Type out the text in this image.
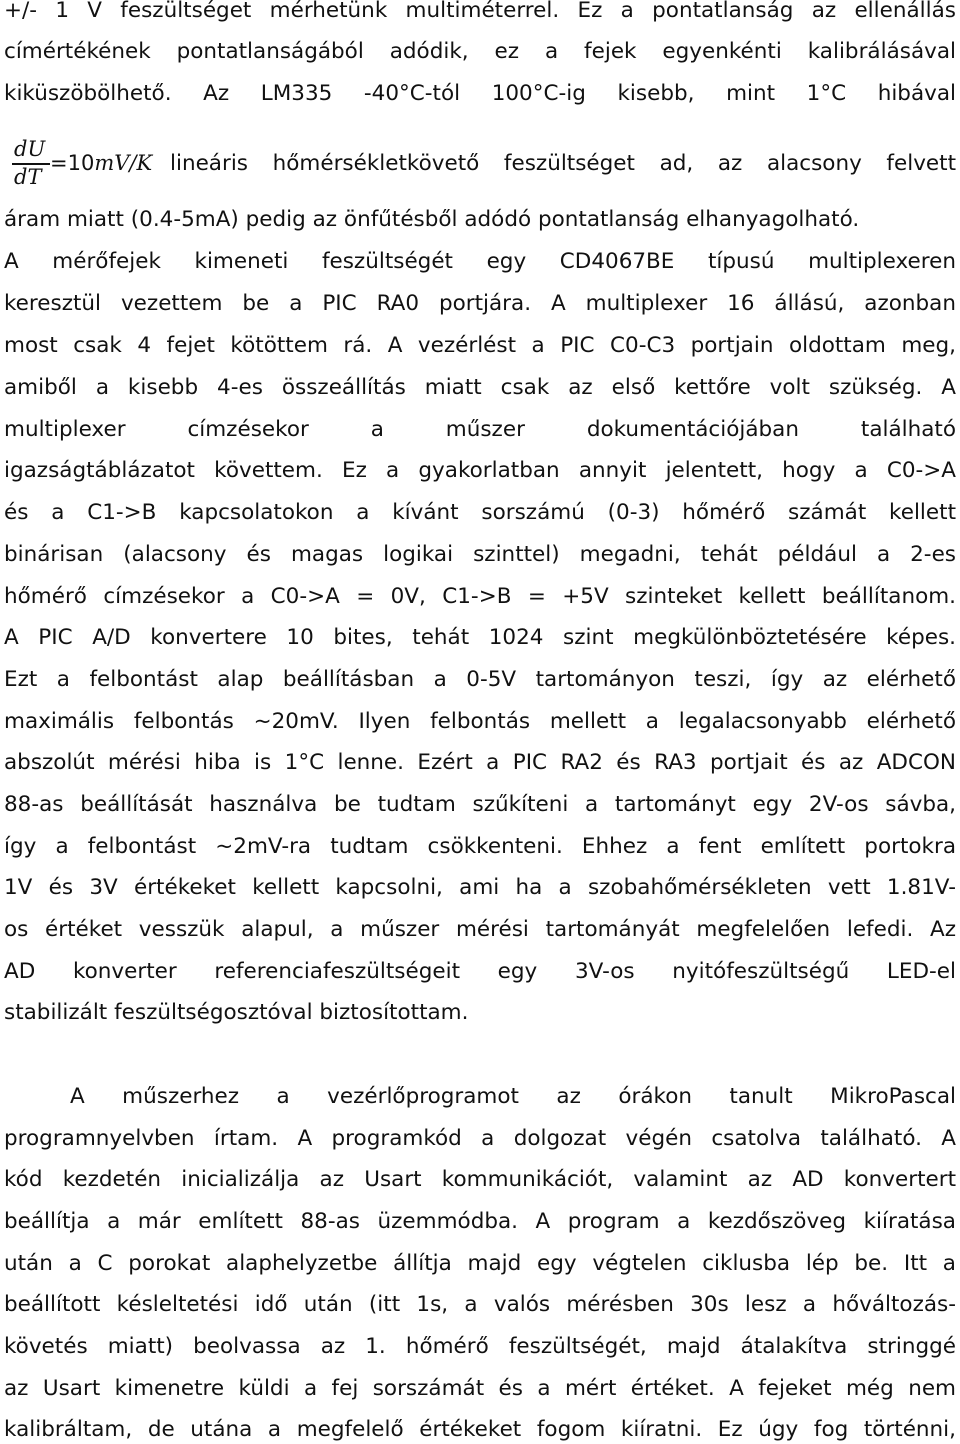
+/- 1 V feszültséget mérhetünk multiméterrel. Ez a pontatlanság az ellenállás
címértékének pontatlanságából adódik, ez a fejek egyenkénti kalibrálásával
kiküszöbölhető. Az LM335 -40°C-tól 100°C-ig kisebb, mint 1°C hibával
dU
dT
=10mV/K lineáris hőmérsékletkövető feszültséget ad, az alacsony felvett
áram miatt (0.4-5mA) pedig az önfűtésből adódó pontatlanság elhanyagolható.
A mérőfejek kimeneti feszültségét egy CD4067BE típusú multiplexeren
keresztül vezettem be a PIC RA0 portjára. A multiplexer 16 állású, azonban
most csak 4 fejet kötöttem rá. A vezérlést a PIC C0-C3 portjain oldottam meg,
amiből a kisebb 4-es összeállítás miatt csak az első kettőre volt szükség. A
multiplexer címzésekor a műszer dokumentációjában található
igazságtáblázatot követtem. Ez a gyakorlatban annyit jelentett, hogy a C0->A
és a C1->B kapcsolatokon a kívánt sorszámú (0-3) hőmérő számát kellett
binárisan (alacsony és magas logikai szinttel) megadni, tehát például a 2-es
hőmérő címzésekor a C0->A = 0V, C1->B = +5V szinteket kellett beállítanom.
A PIC A/D konvertere 10 bites, tehát 1024 szint megkülönböztetésére képes.
Ezt a felbontást alap beállításban a 0-5V tartományon teszi, így az elérhető
maximális felbontás ~20mV. Ilyen felbontás mellett a legalacsonyabb elérhető
abszolút mérési hiba is 1°C lenne. Ezért a PIC RA2 és RA3 portjait és az ADCON
88-as beállítását használva be tudtam szűkíteni a tartományt egy 2V-os sávba,
így a felbontást ~2mV-ra tudtam csökkenteni. Ehhez a fent említett portokra
1V és 3V értékeket kellett kapcsolni, ami ha a szobahőmérsékleten vett 1.81V-
os értéket vesszük alapul, a műszer mérési tartományát megfelelően lefedi. Az
AD konverter referenciafeszültségeit egy 3V-os nyitófeszültségű LED-el
stabilizált feszültségosztóval biztosítottam.
A műszerhez a vezérlőprogramot az órákon tanult MikroPascal
programnyelvben írtam. A programkód a dolgozat végén csatolva található. A
kód kezdetén inicializálja az Usart kommunikációt, valamint az AD konvertert
beállítja a már említett 88-as üzemmódba. A program a kezdőszöveg kiíratása
után a C porokat alaphelyzetbe állítja majd egy végtelen ciklusba lép be. Itt a
beállított késleltetési idő után (itt 1s, a valós mérésben 30s lesz a hőváltozás-
követés miatt) beolvassa az 1. hőmérő feszültségét, majd átalakítva stringgé
az Usart kimenetre küldi a fej sorszámát és a mért értéket. A fejeket még nem
kalibráltam, de utána a megfelelő értékeket fogom kiíratni. Ez úgy fog történni,
